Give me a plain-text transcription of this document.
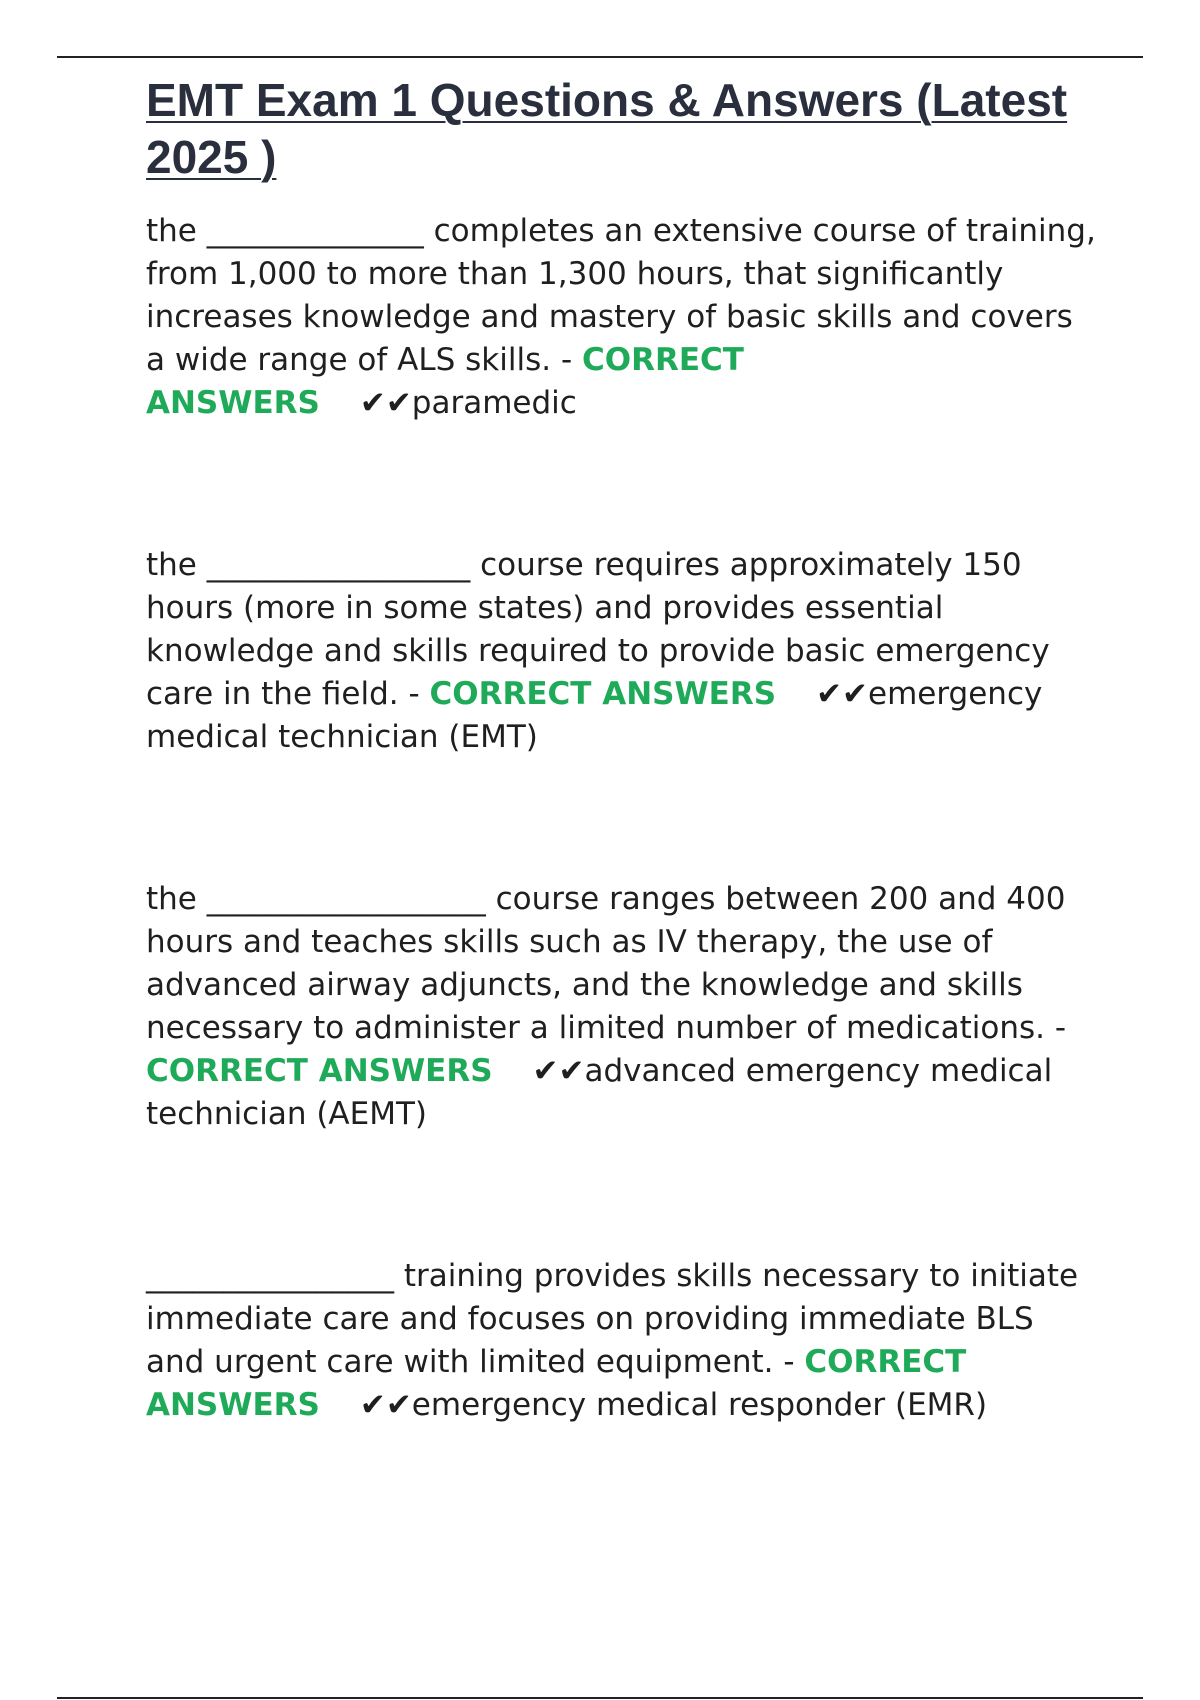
EMT Exam 1 Questions & Answers (Latest 2025 )

the ______________ completes an extensive course of training, from 1,000 to more than 1,300 hours, that significantly increases knowledge and mastery of basic skills and covers a wide range of ALS skills. - CORRECT ANSWERS ✔✔paramedic

the _________________ course requires approximately 150 hours (more in some states) and provides essential knowledge and skills required to provide basic emergency care in the field. - CORRECT ANSWERS ✔✔emergency medical technician (EMT)

the __________________ course ranges between 200 and 400 hours and teaches skills such as IV therapy, the use of advanced airway adjuncts, and the knowledge and skills necessary to administer a limited number of medications. - CORRECT ANSWERS ✔✔advanced emergency medical technician (AEMT)

________________ training provides skills necessary to initiate immediate care and focuses on providing immediate BLS and urgent care with limited equipment. - CORRECT ANSWERS ✔✔emergency medical responder (EMR)
